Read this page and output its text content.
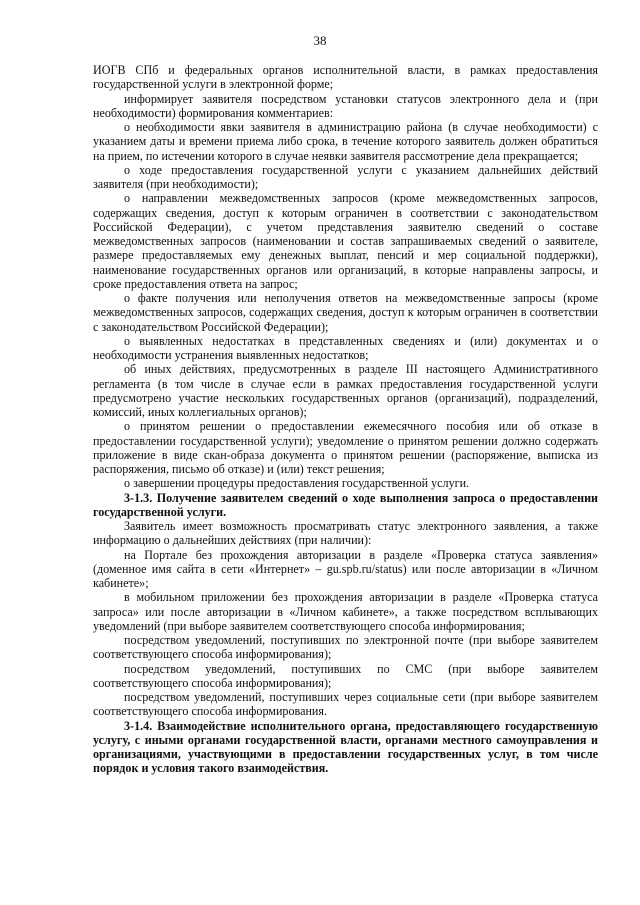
38

ИОГВ СПб и федеральных органов исполнительной власти, в рамках предоставления государственной услуги в электронной форме;

информирует заявителя посредством установки статусов электронного дела и (при необходимости) формирования комментариев:

о необходимости явки заявителя в администрацию района (в случае необходимости) с указанием даты и времени приема либо срока, в течение которого заявитель должен обратиться на прием, по истечении которого в случае неявки заявителя рассмотрение дела прекращается;

о ходе предоставления государственной услуги с указанием дальнейших действий заявителя (при необходимости);

о направлении межведомственных запросов (кроме межведомственных запросов, содержащих сведения, доступ к которым ограничен в соответствии с законодательством Российской Федерации), с учетом представления заявителю сведений о составе межведомственных запросов (наименовании и состав запрашиваемых сведений о заявителе, размере предоставляемых ему денежных выплат, пенсий и мер социальной поддержки), наименование государственных органов или организаций, в которые направлены запросы, и сроке предоставления ответа на запрос;

о факте получения или неполучения ответов на межведомственные запросы (кроме межведомственных запросов, содержащих сведения, доступ к которым ограничен в соответствии с законодательством Российской Федерации);

о выявленных недостатках в представленных сведениях и (или) документах и о необходимости устранения выявленных недостатков;

об иных действиях, предусмотренных в разделе III настоящего Административного регламента (в том числе в случае если в рамках предоставления государственной услуги предусмотрено участие нескольких государственных органов (организаций), подразделений, комиссий, иных коллегиальных органов);

о принятом решении о предоставлении ежемесячного пособия или об отказе в предоставлении государственной услуги); уведомление о принятом решении должно содержать приложение в виде скан-образа документа о принятом решении (распоряжение, выписка из распоряжения, письмо об отказе) и (или) текст решения;

о завершении процедуры предоставления государственной услуги.

3-1.3. Получение заявителем сведений о ходе выполнения запроса о предоставлении государственной услуги.

Заявитель имеет возможность просматривать статус электронного заявления, а также информацию о дальнейших действиях (при наличии):

на Портале без прохождения авторизации в разделе «Проверка статуса заявления» (доменное имя сайта в сети «Интернет» – gu.spb.ru/status) или после авторизации в «Личном кабинете»;

в мобильном приложении без прохождения авторизации в разделе «Проверка статуса запроса» или после авторизации в «Личном кабинете», а также посредством всплывающих уведомлений (при выборе заявителем соответствующего способа информирования;

посредством уведомлений, поступивших по электронной почте (при выборе заявителем соответствующего способа информирования);

посредством уведомлений, поступивших по СМС (при выборе заявителем соответствующего способа информирования);

посредством уведомлений, поступивших через социальные сети (при выборе заявителем соответствующего способа информирования.

3-1.4. Взаимодействие исполнительного органа, предоставляющего государственную услугу, с иными органами государственной власти, органами местного самоуправления и организациями, участвующими в предоставлении государственных услуг, в том числе порядок и условия такого взаимодействия.
